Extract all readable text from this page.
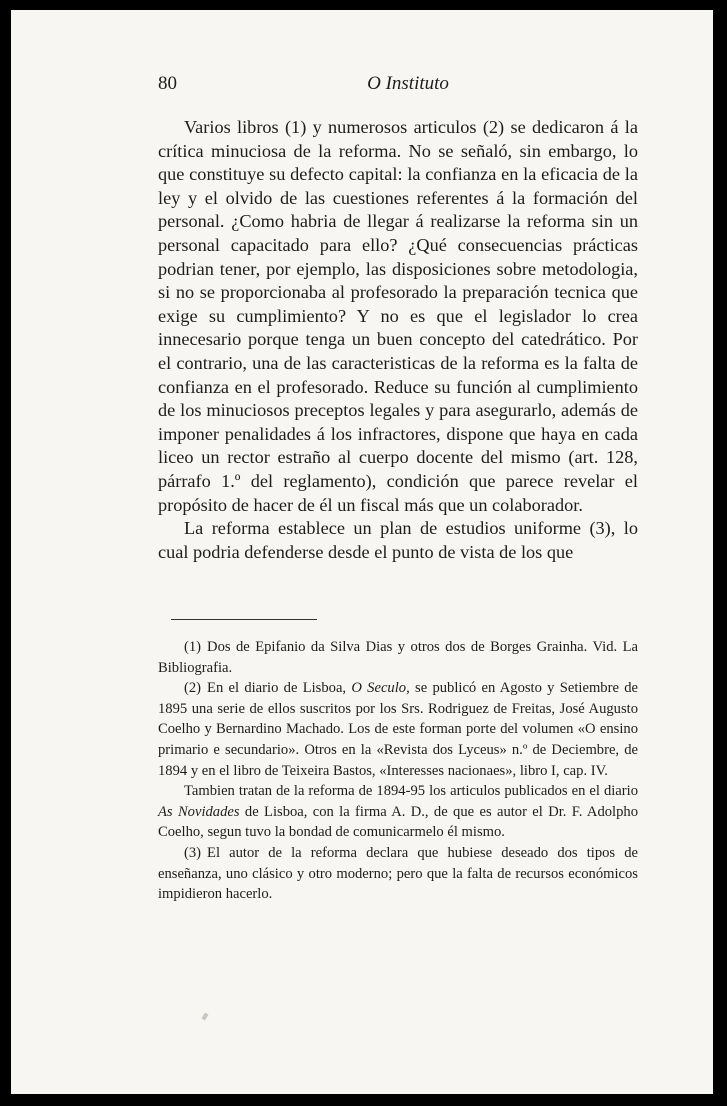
80	O Instituto

Varios libros (1) y numerosos articulos (2) se dedicaron á la crítica minuciosa de la reforma. No se señaló, sin embargo, lo que constituye su defecto capital: la confianza en la eficacia de la ley y el olvido de las cuestiones referentes á la formación del personal. ¿Como habria de llegar á realizarse la reforma sin un personal capacitado para ello? ¿Qué consecuencias prácticas podrian tener, por ejemplo, las disposiciones sobre metodologia, si no se proporcionaba al profesorado la preparación tecnica que exige su cumplimiento? Y no es que el legislador lo crea innecesario porque tenga un buen concepto del catedrático. Por el contrario, una de las caracteristicas de la reforma es la falta de confianza en el profesorado. Reduce su función al cumplimiento de los minuciosos preceptos legales y para asegurarlo, además de imponer penalidades á los infractores, dispone que haya en cada liceo un rector estraño al cuerpo docente del mismo (art. 128, párrafo 1.º del reglamento), condición que parece revelar el propósito de hacer de él un fiscal más que un colaborador.

La reforma establece un plan de estudios uniforme (3), lo cual podria defenderse desde el punto de vista de los que

(1) Dos de Epifanio da Silva Dias y otros dos de Borges Grainha. Vid. La Bibliografia.

(2) En el diario de Lisboa, O Seculo, se publicó en Agosto y Setiembre de 1895 una serie de ellos suscritos por los Srs. Rodriguez de Freitas, José Augusto Coelho y Bernardino Machado. Los de este forman porte del volumen «O ensino primario e secundario». Otros en la «Revista dos Lyceus» n.º de Deciembre, de 1894 y en el libro de Teixeira Bastos, «Interesses nacionaes», libro I, cap. IV.

Tambien tratan de la reforma de 1894-95 los articulos publicados en el diario As Novidades de Lisboa, con la firma A. D., de que es autor el Dr. F. Adolpho Coelho, segun tuvo la bondad de comunicarmelo él mismo.

(3) El autor de la reforma declara que hubiese deseado dos tipos de enseñanza, uno clásico y otro moderno; pero que la falta de recursos económicos impidieron hacerlo.
